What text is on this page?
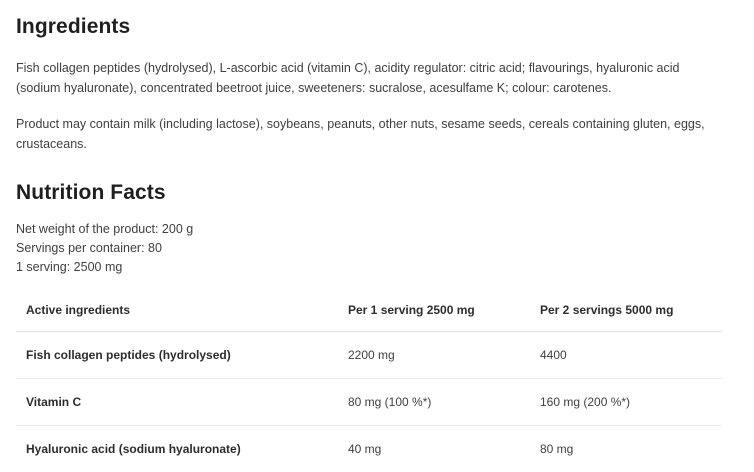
Ingredients

Fish collagen peptides (hydrolysed), L-ascorbic acid (vitamin C), acidity regulator: citric acid; flavourings, hyaluronic acid (sodium hyaluronate), concentrated beetroot juice, sweeteners: sucralose, acesulfame K; colour: carotenes.

Product may contain milk (including lactose), soybeans, peanuts, other nuts, sesame seeds, cereals containing gluten, eggs, crustaceans.

Nutrition Facts
Net weight of the product: 200 g
Servings per container: 80
1 serving: 2500 mg
Active ingredients	Per 1 serving 2500 mg	Per 2 servings 5000 mg
Fish collagen peptides (hydrolysed)	2200 mg	4400
Vitamin C	80 mg (100 %*)	160 mg (200 %*)
Hyaluronic acid (sodium hyaluronate)	40 mg	80 mg
